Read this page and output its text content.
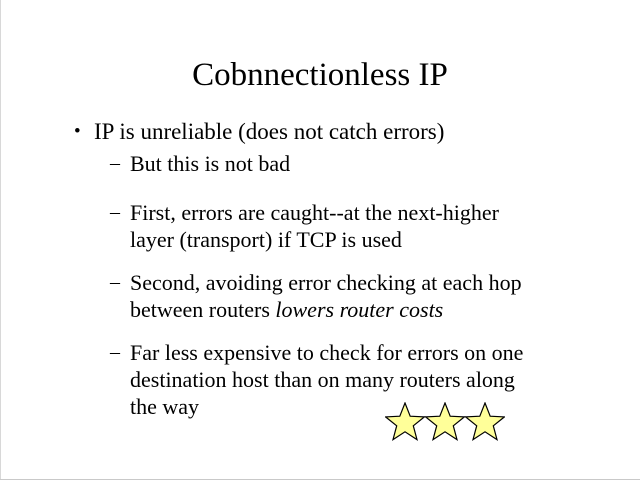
Cobnnectionless IP
• IP is unreliable (does not catch errors)
– But this is not bad
– First, errors are caught--at the next-higher
layer (transport) if TCP is used
– Second, avoiding error checking at each hop
between routers lowers router costs
– Far less expensive to check for errors on one
destination host than on many routers along
the way
